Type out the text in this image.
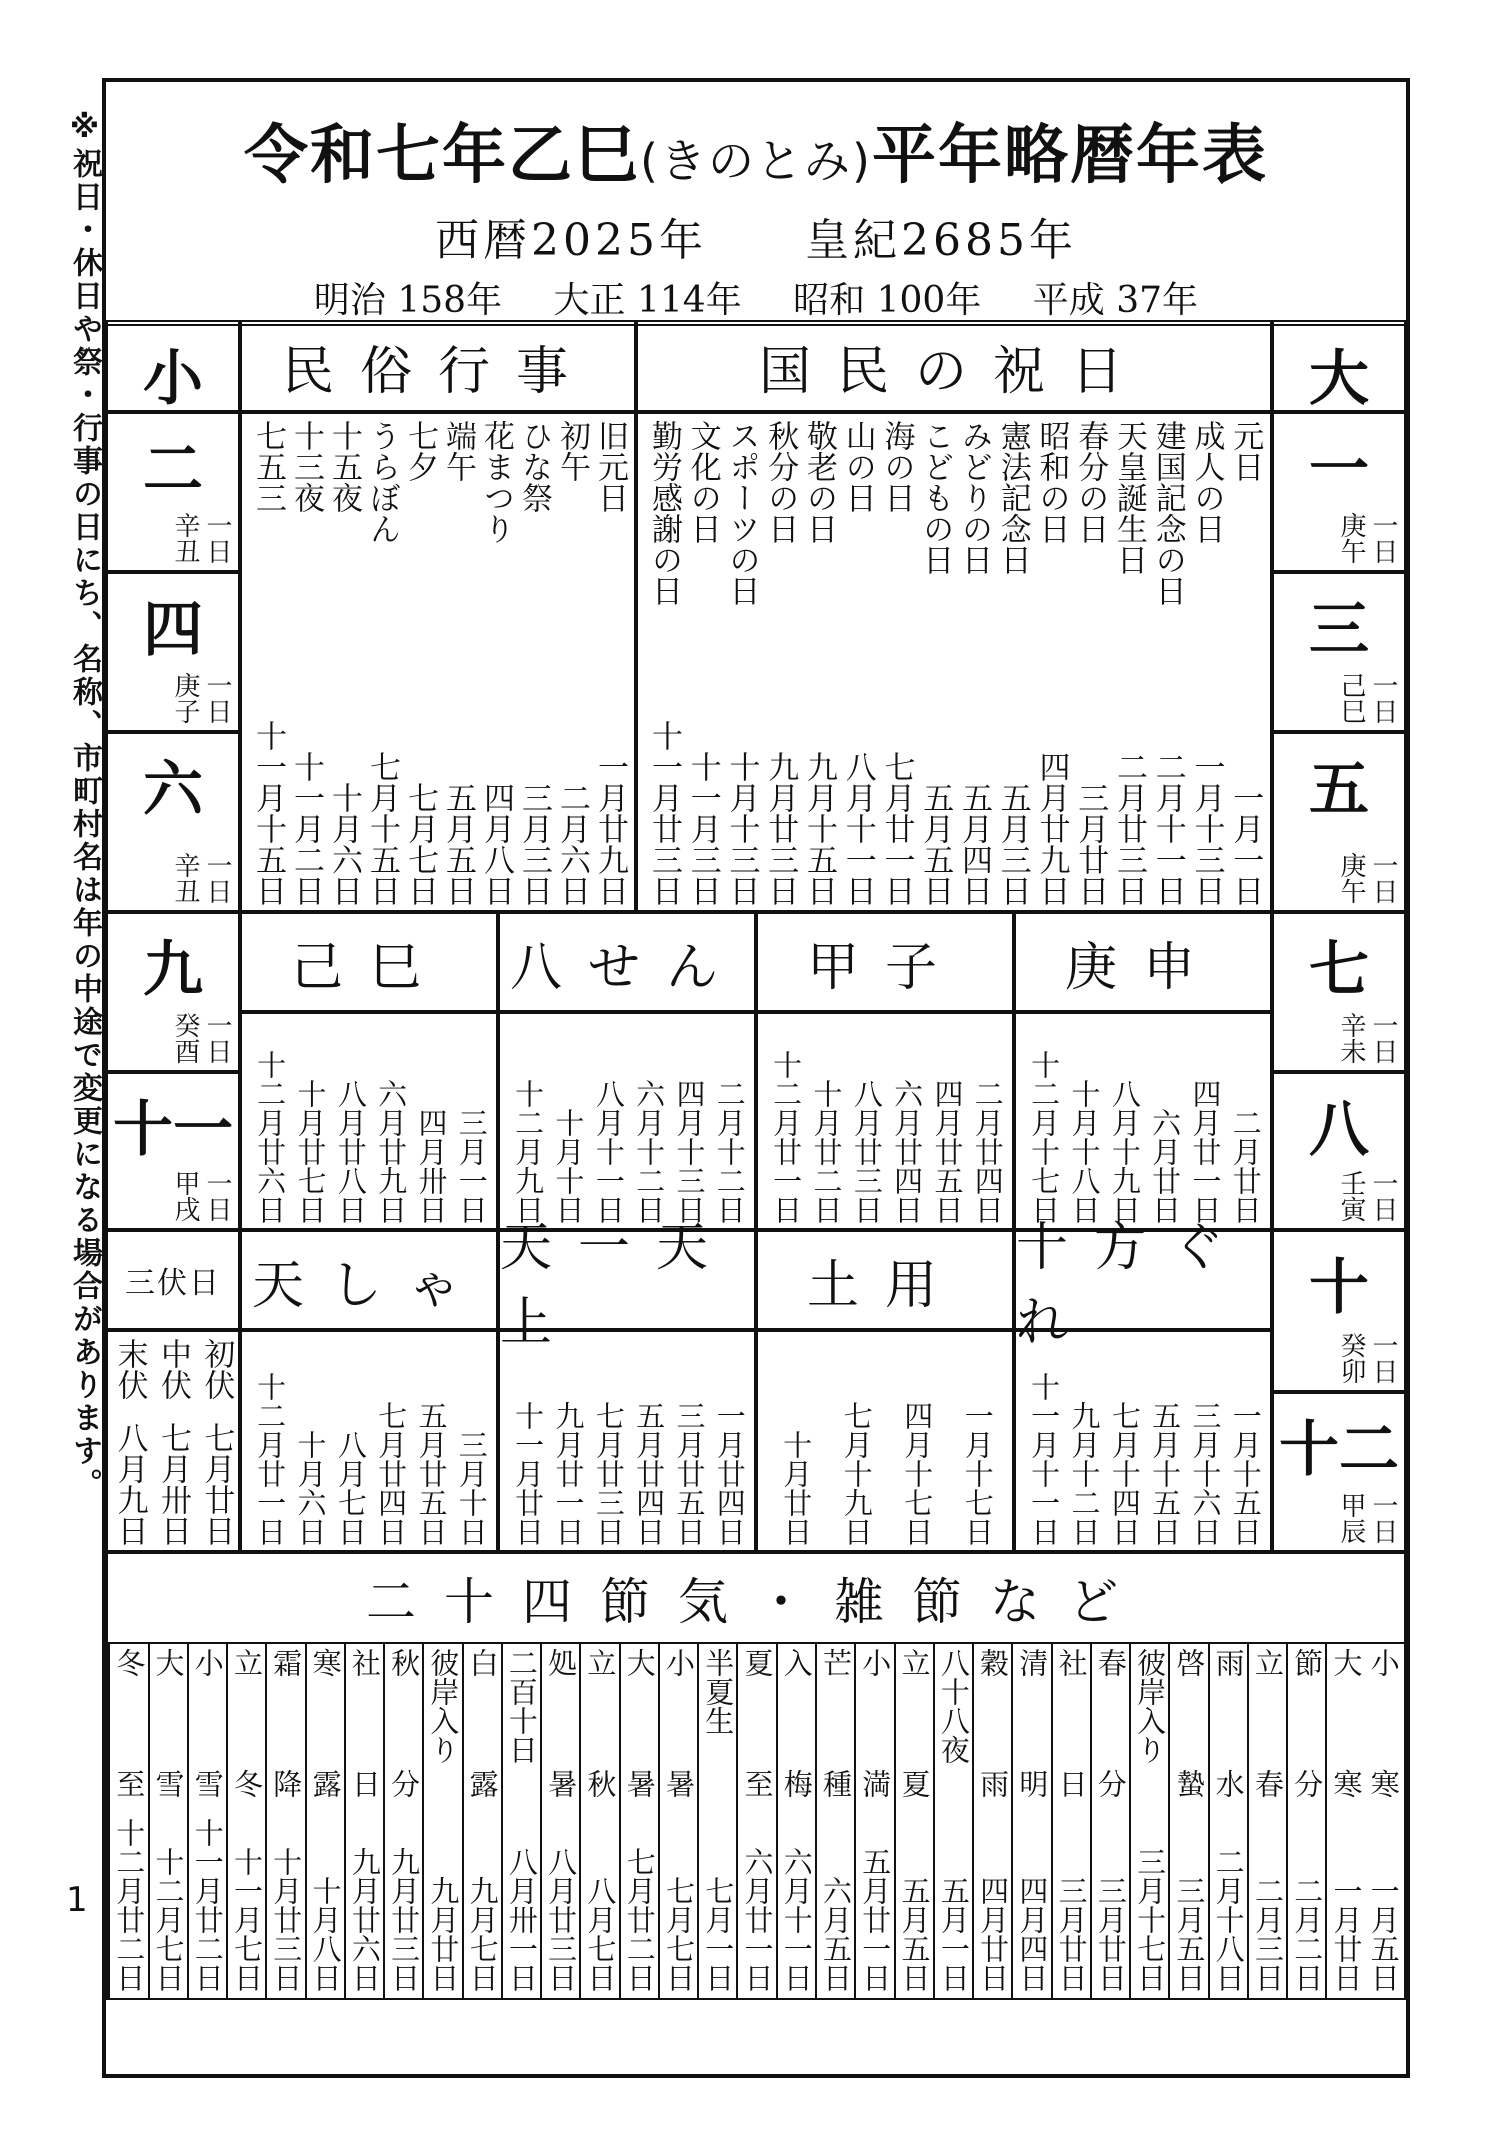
※祝日・休日や祭・行事の日にち、名称、市町村名は年の中途で変更になる場合があります。
1
令和七年乙巳(きのとみ)平年略暦年表
西暦2025年 皇紀2685年
明治 158年 大正 114年 昭和 100年 平成 37年
小
二
一日
辛丑
四
一日
庚子
六
一日
辛丑
九
一日
癸酉
十一
一日
甲戌
大
一
一日
庚午
三
一日
己巳
五
一日
庚午
七
一日
辛未
八
一日
壬寅
十
一日
癸卯
十二
一日
甲辰
三伏日
初伏
七月廿日
中伏
七月卅日
末伏
八月九日
民俗行事
旧元日
一月廿九日
初午
二月六日
ひな祭
三月三日
花まつり
四月八日
端午
五月五日
七夕
七月七日
うらぼん
七月十五日
十五夜
十月六日
十三夜
十一月二日
七五三
十一月十五日
国民の祝日
元日
一月一日
成人の日
一月十三日
建国記念の日
二月十一日
天皇誕生日
二月廿三日
春分の日
三月廿日
昭和の日
四月廿九日
憲法記念日
五月三日
みどりの日
五月四日
こどもの日
五月五日
海の日
七月廿一日
山の日
八月十一日
敬老の日
九月十五日
秋分の日
九月廿三日
スポーツの日
十月十三日
文化の日
十一月三日
勤労感謝の日
十一月廿三日
己巳
三月一日
四月卅日
六月廿九日
八月廿八日
十月廿七日
十二月廿六日
八せん
二月十二日
四月十三日
六月十二日
八月十一日
十月十日
十二月九日
甲子
二月廿四日
四月廿五日
六月廿四日
八月廿三日
十月廿二日
十二月廿一日
庚申
二月廿日
四月廿一日
六月廿日
八月十九日
十月十八日
十二月十七日
天しゃ
三月十日
五月廿五日
七月廿四日
八月七日
十月六日
十二月廿一日
天一天上
一月廿四日
三月廿五日
五月廿四日
七月廿三日
九月廿一日
十一月廿日
土用
一月十七日
四月十七日
七月十九日
十月廿日
十方ぐれ
一月十五日
三月十六日
五月十五日
七月十四日
九月十二日
十一月十一日
二十四節気・雑節など
小寒
一月五日
大寒
一月廿日
節分
二月二日
立春
二月三日
雨水
二月十八日
啓蟄
三月五日
彼岸入り
三月十七日
春分
三月廿日
社日
三月廿日
清明
四月四日
穀雨
四月廿日
八十八夜
五月一日
立夏
五月五日
小満
五月廿一日
芒種
六月五日
入梅
六月十一日
夏至
六月廿一日
半夏生
七月一日
小暑
七月七日
大暑
七月廿二日
立秋
八月七日
処暑
八月廿三日
二百十日
八月卅一日
白露
九月七日
彼岸入り
九月廿日
秋分
九月廿三日
社日
九月廿六日
寒露
十月八日
霜降
十月廿三日
立冬
十一月七日
小雪
十一月廿二日
大雪
十二月七日
冬至
十二月廿二日
